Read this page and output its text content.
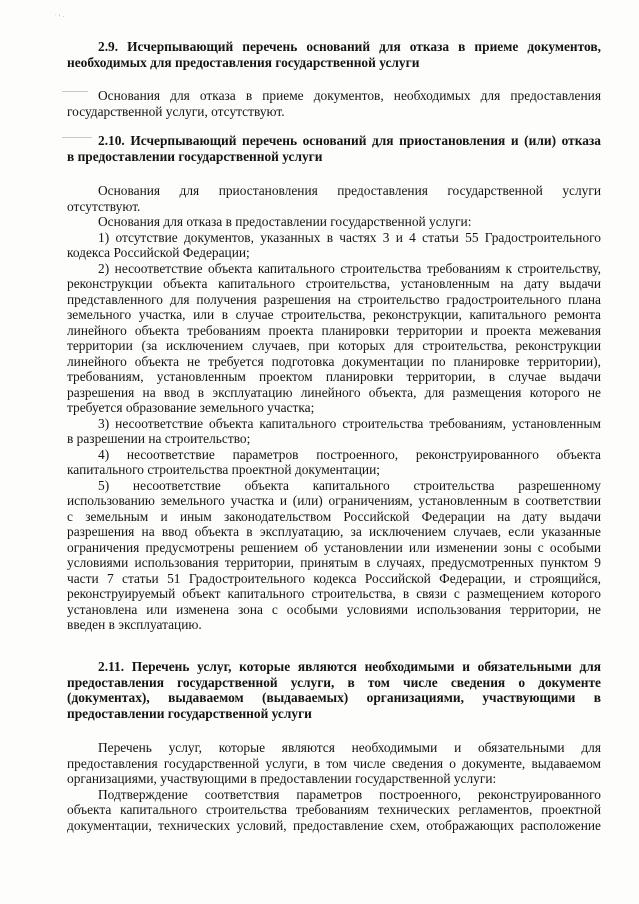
˙ ' ·
2.9. Исчерпывающий перечень оснований для отказа в приеме документов,
необходимых для предоставления государственной услуги
Основания для отказа в приеме документов, необходимых для предоставления
государственной услуги, отсутствуют.
2.10. Исчерпывающий перечень оснований для приостановления и (или) отказа
в предоставлении государственной услуги
Основания для приостановления предоставления государственной услуги
отсутствуют.
Основания для отказа в предоставлении государственной услуги:
1) отсутствие документов, указанных в частях 3 и 4 статьи 55 Градостроительного
кодекса Российской Федерации;
2) несоответствие объекта капитального строительства требованиям к строительству,
реконструкции объекта капитального строительства, установленным на дату выдачи
представленного для получения разрешения на строительство градостроительного плана
земельного участка, или в случае строительства, реконструкции, капитального ремонта
линейного объекта требованиям проекта планировки территории и проекта межевания
территории (за исключением случаев, при которых для строительства, реконструкции
линейного объекта не требуется подготовка документации по планировке территории),
требованиям, установленным проектом планировки территории, в случае выдачи
разрешения на ввод в эксплуатацию линейного объекта, для размещения которого не
требуется образование земельного участка;
3) несоответствие объекта капитального строительства требованиям, установленным
в разрешении на строительство;
4) несоответствие параметров построенного, реконструированного объекта
капитального строительства проектной документации;
5) несоответствие объекта капитального строительства разрешенному
использованию земельного участка и (или) ограничениям, установленным в соответствии
с земельным и иным законодательством Российской Федерации на дату выдачи
разрешения на ввод объекта в эксплуатацию, за исключением случаев, если указанные
ограничения предусмотрены решением об установлении или изменении зоны с особыми
условиями использования территории, принятым в случаях, предусмотренных пунктом 9
части 7 статьи 51 Градостроительного кодекса Российской Федерации, и строящийся,
реконструируемый объект капитального строительства, в связи с размещением которого
установлена или изменена зона с особыми условиями использования территории, не
введен в эксплуатацию.
2.11. Перечень услуг, которые являются необходимыми и обязательными для
предоставления государственной услуги, в том числе сведения о документе
(документах), выдаваемом (выдаваемых) организациями, участвующими в
предоставлении государственной услуги
Перечень услуг, которые являются необходимыми и обязательными для
предоставления государственной услуги, в том числе сведения о документе, выдаваемом
организациями, участвующими в предоставлении государственной услуги:
Подтверждение соответствия параметров построенного, реконструированного
объекта капитального строительства требованиям технических регламентов, проектной
документации, технических условий, предоставление схем, отображающих расположение
